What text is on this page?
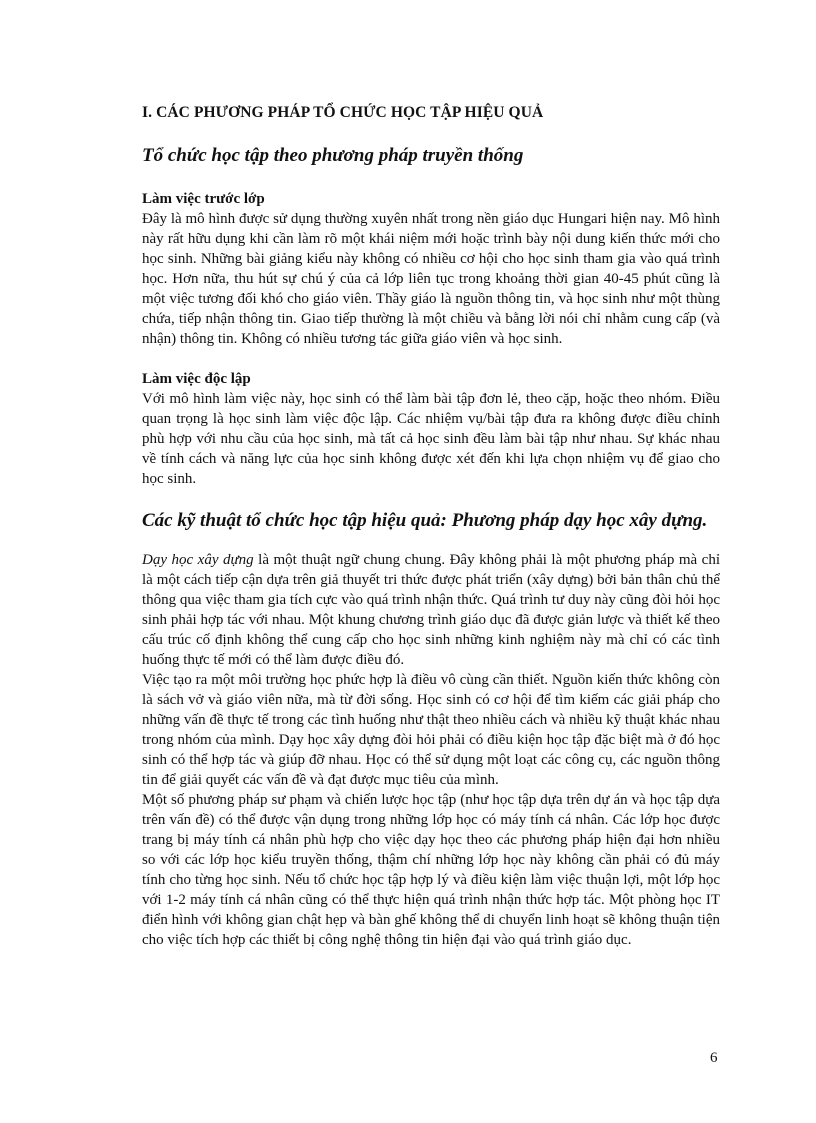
I. CÁC PHƯƠNG PHÁP TỔ CHỨC HỌC TẬP HIỆU QUẢ
Tổ chức học tập theo phương pháp truyền thống
Làm việc trước lớp

Đây là mô hình được sử dụng thường xuyên nhất trong nền giáo dục Hungari hiện nay. Mô hình này rất hữu dụng khi cần làm rõ một khái niệm mới hoặc trình bày nội dung kiến thức mới cho học sinh. Những bài giảng kiểu này không có nhiều cơ hội cho học sinh tham gia vào quá trình học. Hơn nữa, thu hút sự chú ý của cả lớp liên tục trong khoảng thời gian 40-45 phút cũng là một việc tương đối khó cho giáo viên. Thầy giáo là nguồn thông tin, và học sinh như một thùng chứa, tiếp nhận thông tin. Giao tiếp thường là một chiều và bằng lời nói chỉ nhằm cung cấp (và nhận) thông tin. Không có nhiều tương tác giữa giáo viên và học sinh.

Làm việc độc lập

Với mô hình làm việc này, học sinh có thể làm bài tập đơn lẻ, theo cặp, hoặc theo nhóm. Điều quan trọng là học sinh làm việc độc lập. Các nhiệm vụ/bài tập đưa ra không được điều chỉnh phù hợp với nhu cầu của học sinh, mà tất cả học sinh đều làm bài tập như nhau. Sự khác nhau về tính cách và năng lực của học sinh không được xét đến khi lựa chọn nhiệm vụ để giao cho học sinh.

Các kỹ thuật tổ chức học tập hiệu quả: Phương pháp dạy học xây dựng.

Dạy học xây dựng là một thuật ngữ chung chung. Đây không phải là một phương pháp mà chỉ là một cách tiếp cận dựa trên giả thuyết tri thức được phát triển (xây dựng) bởi bản thân chủ thể thông qua việc tham gia tích cực vào quá trình nhận thức. Quá trình tư duy này cũng đòi hỏi học sinh phải hợp tác với nhau. Một khung chương trình giáo dục đã được giản lược và thiết kế theo cấu trúc cố định không thể cung cấp cho học sinh những kinh nghiệm này mà chỉ có các tình huống thực tế mới có thể làm được điều đó.

Việc tạo ra một môi trường học phức hợp là điều vô cùng cần thiết. Nguồn kiến thức không còn là sách vở và giáo viên nữa, mà từ đời sống. Học sinh có cơ hội để tìm kiếm các giải pháp cho những vấn đề thực tế trong các tình huống như thật theo nhiều cách và nhiều kỹ thuật khác nhau trong nhóm của mình. Dạy học xây dựng đòi hỏi phải có điều kiện học tập đặc biệt mà ở đó học sinh có thể hợp tác và giúp đỡ nhau. Học có thể sử dụng một loạt các công cụ, các nguồn thông tin để giải quyết các vấn đề và đạt được mục tiêu của mình.

Một số phương pháp sư phạm và chiến lược học tập (như học tập dựa trên dự án và học tập dựa trên vấn đề) có thể được vận dụng trong những lớp học có máy tính cá nhân. Các lớp học được trang bị máy tính cá nhân phù hợp cho việc dạy học theo các phương pháp hiện đại hơn nhiều so với các lớp học kiểu truyền thống, thậm chí những lớp học này không cần phải có đủ máy tính cho từng học sinh. Nếu tổ chức học tập hợp lý và điều kiện làm việc thuận lợi, một lớp học với 1-2 máy tính cá nhân cũng có thể thực hiện quá trình nhận thức hợp tác. Một phòng học IT điển hình với không gian chật hẹp và bàn ghế không thể di chuyển linh hoạt sẽ không thuận tiện cho việc tích hợp các thiết bị công nghệ thông tin hiện đại vào quá trình giáo dục.

6
